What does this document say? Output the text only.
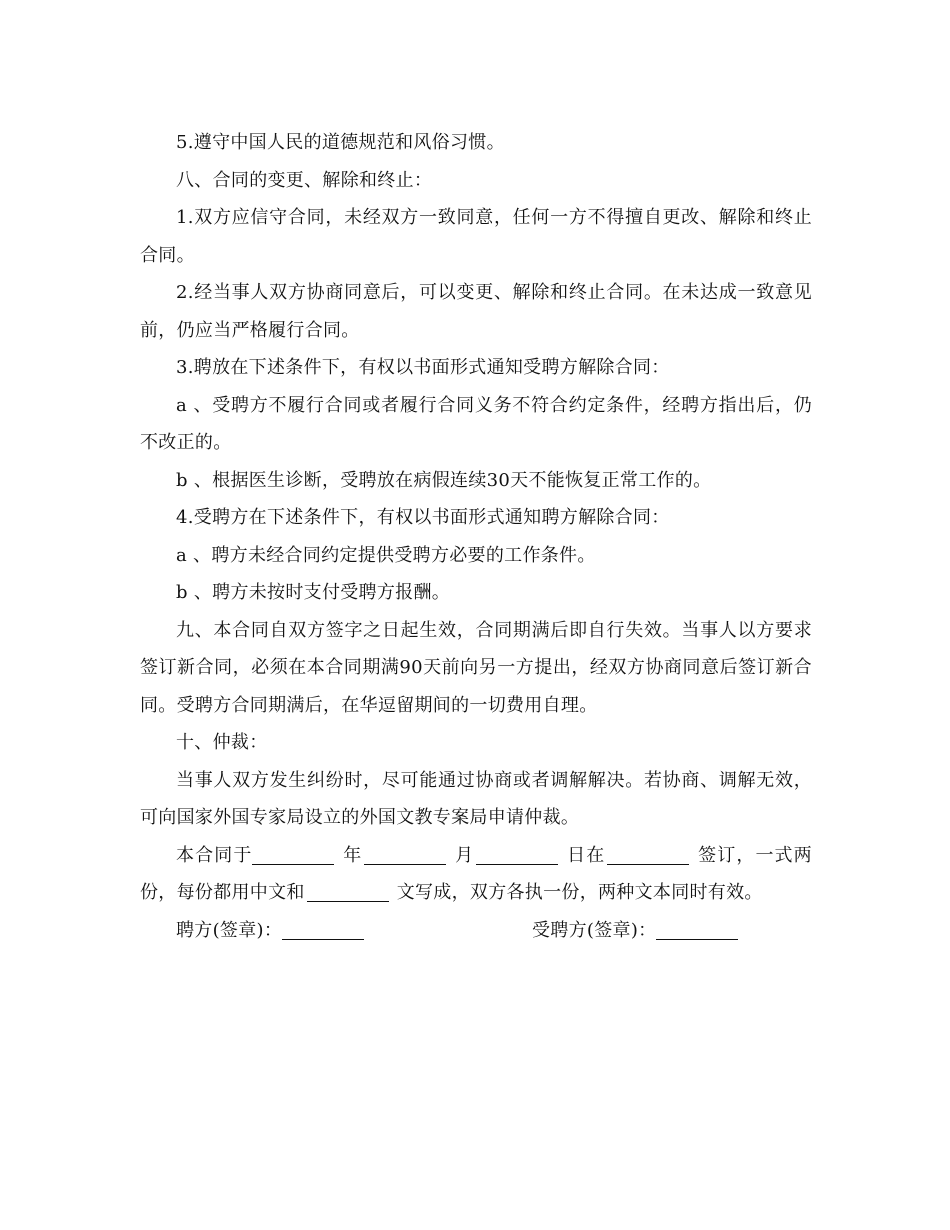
5.遵守中国人民的道德规范和风俗习惯。

八、合同的变更、解除和终止：

1.双方应信守合同，未经双方一致同意，任何一方不得擅自更改、解除和终止合同。

2.经当事人双方协商同意后，可以变更、解除和终止合同。在未达成一致意见前，仍应当严格履行合同。

3.聘放在下述条件下，有权以书面形式通知受聘方解除合同：

a 、受聘方不履行合同或者履行合同义务不符合约定条件，经聘方指出后，仍不改正的。

b 、根据医生诊断，受聘放在病假连续30天不能恢复正常工作的。

4.受聘方在下述条件下，有权以书面形式通知聘方解除合同：

a 、聘方未经合同约定提供受聘方必要的工作条件。

b 、聘方未按时支付受聘方报酬。

九、本合同自双方签字之日起生效，合同期满后即自行失效。当事人以方要求签订新合同，必须在本合同期满90天前向另一方提出，经双方协商同意后签订新合同。受聘方合同期满后，在华逗留期间的一切费用自理。

十、仲裁：

当事人双方发生纠纷时，尽可能通过协商或者调解解决。若协商、调解无效，可向国家外国专家局设立的外国文教专案局申请仲裁。

本合同于	年	月	日在	签订，一式两份，每份都用中文和	文写成，双方各执一份，两种文本同时有效。

聘方(签章)：	受聘方(签章)：
